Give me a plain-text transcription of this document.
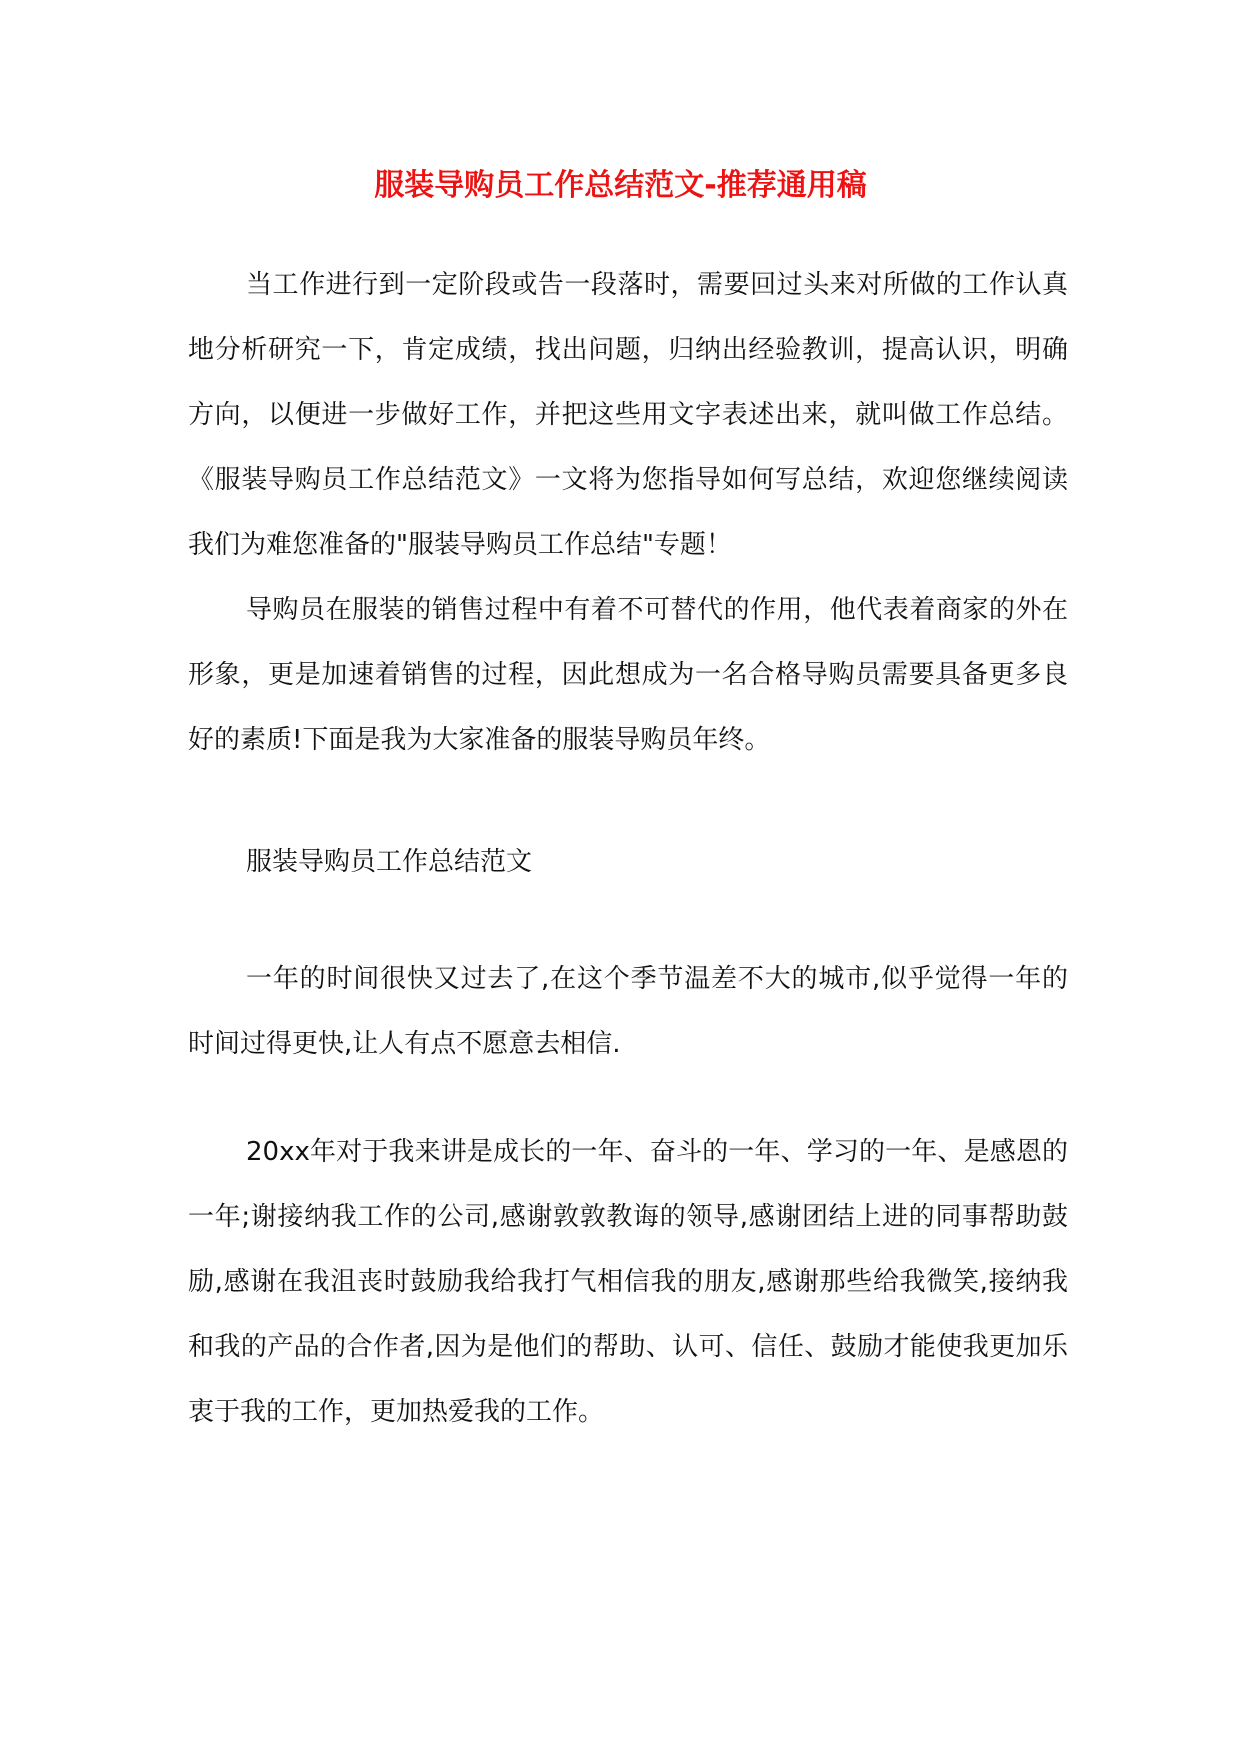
服装导购员工作总结范文-推荐通用稿

当工作进行到一定阶段或告一段落时，需要回过头来对所做的工作认真地分析研究一下，肯定成绩，找出问题，归纳出经验教训，提高认识，明确方向，以便进一步做好工作，并把这些用文字表述出来，就叫做工作总结。《服装导购员工作总结范文》一文将为您指导如何写总结，欢迎您继续阅读我们为难您准备的"服装导购员工作总结"专题！

导购员在服装的销售过程中有着不可替代的作用，他代表着商家的外在形象，更是加速着销售的过程，因此想成为一名合格导购员需要具备更多良好的素质!下面是我为大家准备的服装导购员年终。

服装导购员工作总结范文

一年的时间很快又过去了,在这个季节温差不大的城市,似乎觉得一年的时间过得更快,让人有点不愿意去相信.

20xx年对于我来讲是成长的一年、奋斗的一年、学习的一年、是感恩的一年;谢接纳我工作的公司,感谢敦敦教诲的领导,感谢团结上进的同事帮助鼓励,感谢在我沮丧时鼓励我给我打气相信我的朋友,感谢那些给我微笑,接纳我和我的产品的合作者,因为是他们的帮助、认可、信任、鼓励才能使我更加乐衷于我的工作，更加热爱我的工作。
